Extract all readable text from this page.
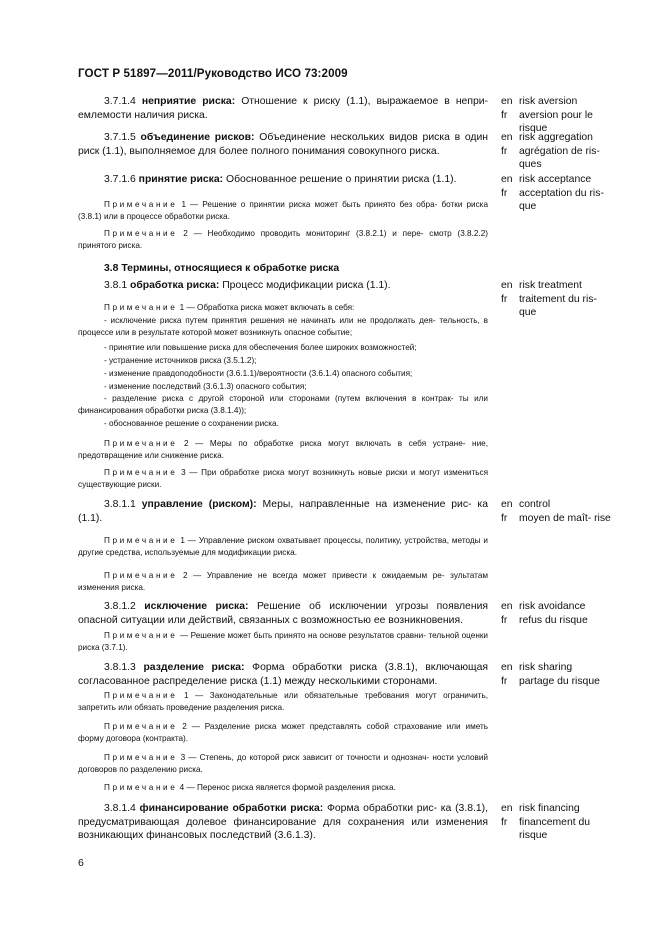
ГОСТ Р 51897—2011/Руководство ИСО 73:2009
3.7.1.4 неприятие риска: Отношение к риску (1.1), выражаемое в непри- емлемости наличия риска.
3.7.1.5 объединение рисков: Объединение нескольких видов риска в один риск (1.1), выполняемое для более полного понимания совокупного риска.
3.7.1.6 принятие риска: Обоснованное решение о принятии риска (1.1).
Примечание 1 — Решение о принятии риска может быть принято без обра- ботки риска (3.8.1) или в процессе обработки риска.
Примечание 2 — Необходимо проводить мониторинг (3.8.2.1) и пере- смотр (3.8.2.2) принятого риска.
3.8 Термины, относящиеся к обработке риска
3.8.1 обработка риска: Процесс модификации риска (1.1).
Примечание 1 — Обработка риска может включать в себя:
- исключение риска путем принятия решения не начинать или не продолжать дея- тельность, в процессе или в результате которой может возникнуть опасное событие;
- принятие или повышение риска для обеспечения более широких возможностей;
- устранение источников риска (3.5.1.2);
- изменение правдоподобности (3.6.1.1)/вероятности (3.6.1.4) опасного события;
- изменение последствий (3.6.1.3) опасного события;
- разделение риска с другой стороной или сторонами (путем включения в контрак- ты или финансирования обработки риска (3.8.1.4));
- обоснованное решение о сохранении риска.
Примечание 2 — Меры по обработке риска могут включать в себя устране- ние, предотвращение или снижение риска.
Примечание 3 — При обработке риска могут возникнуть новые риски и могут измениться существующие риски.
3.8.1.1 управление (риском): Меры, направленные на изменение рис- ка (1.1).
Примечание 1 — Управление риском охватывает процессы, политику, устройства, методы и другие средства, используемые для модификации риска.
Примечание 2 — Управление не всегда может привести к ожидаемым ре- зультатам изменения риска.
3.8.1.2 исключение риска: Решение об исключении угрозы появления опасной ситуации или действий, связанных с возможностью ее возникновения.
Примечание — Решение может быть принято на основе результатов сравни- тельной оценки риска (3.7.1).
3.8.1.3 разделение риска: Форма обработки риска (3.8.1), включающая согласованное распределение риска (1.1) между несколькими сторонами.
Примечание 1 — Законодательные или обязательные требования могут ограничить, запретить или обязать проведение разделения риска.
Примечание 2 — Разделение риска может представлять собой страхование или иметь форму договора (контракта).
Примечание 3 — Степень, до которой риск зависит от точности и однознач- ности условий договоров по разделению риска.
Примечание 4 — Перенос риска является формой разделения риска.
3.8.1.4 финансирование обработки риска: Форма обработки рис- ка (3.8.1), предусматривающая долевое финансирование для сохранения или изменения возникающих финансовых последствий (3.6.1.3).
en risk aversion
fr	aversion pour le risque
en risk aggregation
fr	agrégation de ris- ques
en risk acceptance
fr	acceptation du ris- que
en risk treatment
fr	traitement du ris- que
en control
fr	moyen de maît- rise
en risk avoidance
fr	refus du risque
en risk sharing
fr	partage du risque
en risk financing
fr	financement du risque
6
